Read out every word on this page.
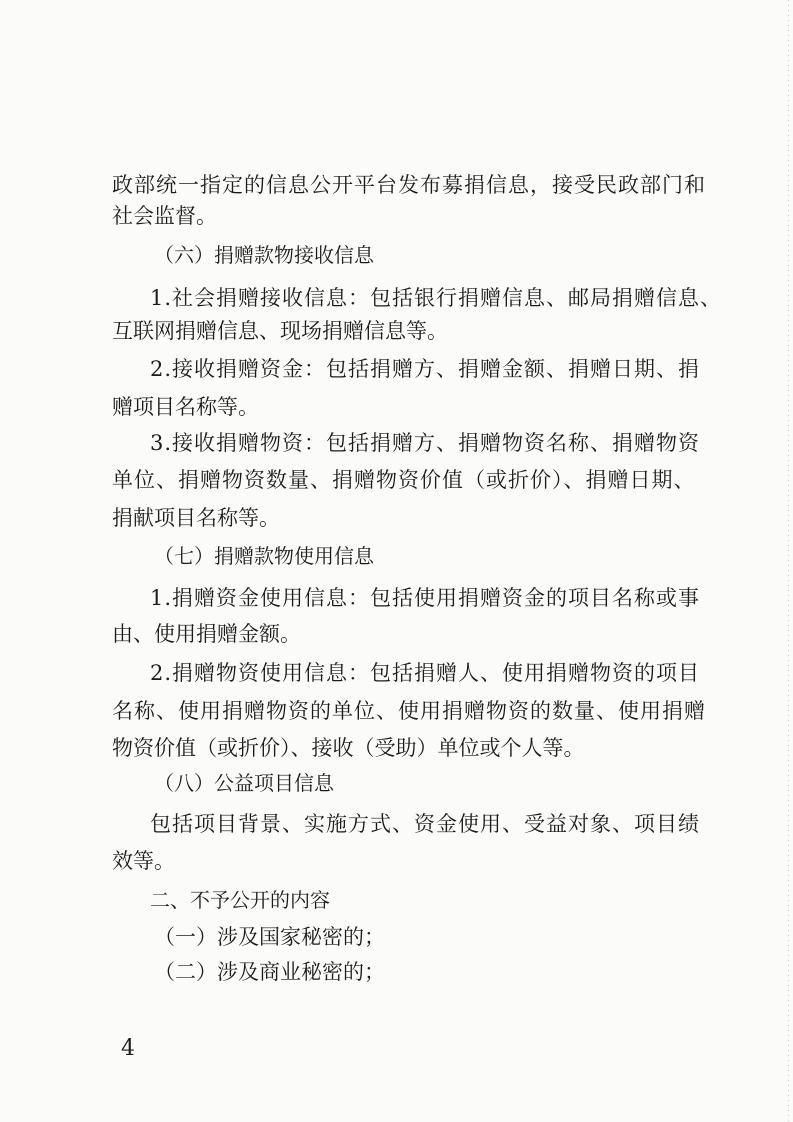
政部统一指定的信息公开平台发布募捐信息，接受民政部门和
社会监督。
（六）捐赠款物接收信息
1.社会捐赠接收信息：包括银行捐赠信息、邮局捐赠信息、
互联网捐赠信息、现场捐赠信息等。
2.接收捐赠资金：包括捐赠方、捐赠金额、捐赠日期、捐
赠项目名称等。
3.接收捐赠物资：包括捐赠方、捐赠物资名称、捐赠物资
单位、捐赠物资数量、捐赠物资价值（或折价）、捐赠日期、
捐献项目名称等。
（七）捐赠款物使用信息
1.捐赠资金使用信息：包括使用捐赠资金的项目名称或事
由、使用捐赠金额。
2.捐赠物资使用信息：包括捐赠人、使用捐赠物资的项目
名称、使用捐赠物资的单位、使用捐赠物资的数量、使用捐赠
物资价值（或折价）、接收（受助）单位或个人等。
（八）公益项目信息
包括项目背景、实施方式、资金使用、受益对象、项目绩
效等。
二、不予公开的内容
（一）涉及国家秘密的；
（二）涉及商业秘密的；
4
